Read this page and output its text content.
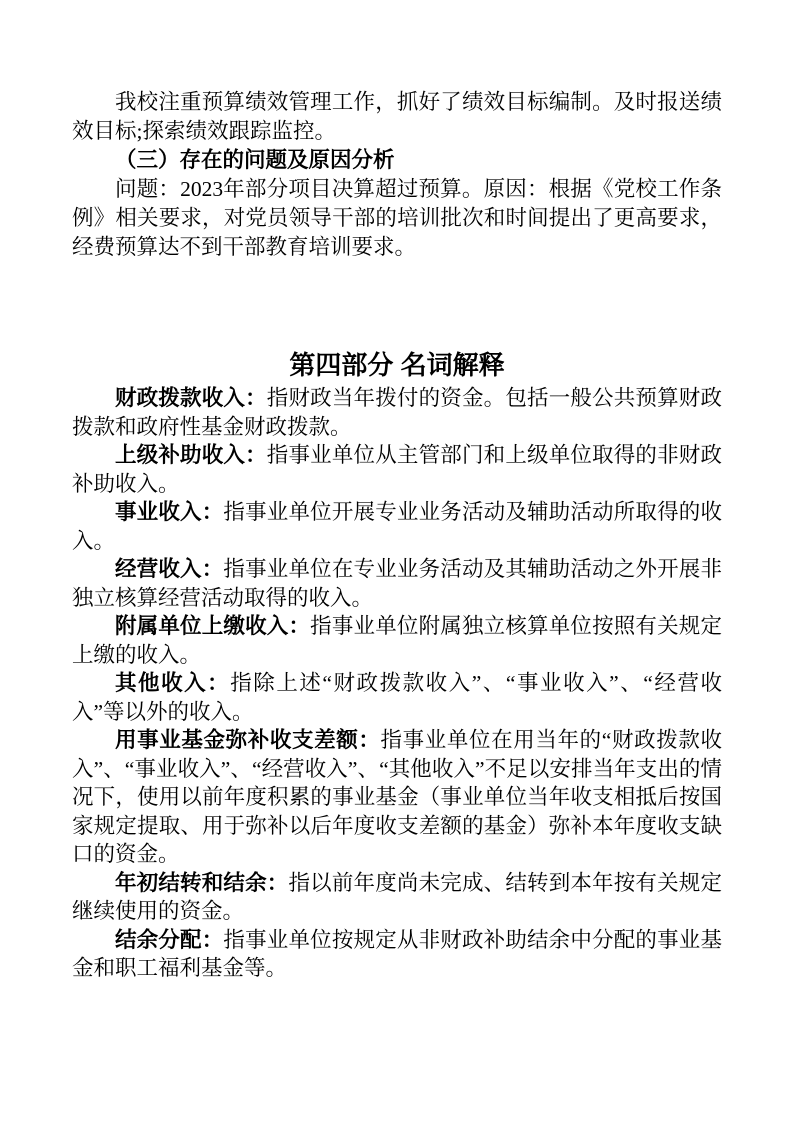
我校注重预算绩效管理工作，抓好了绩效目标编制。及时报送绩效目标;探索绩效跟踪监控。

（三）存在的问题及原因分析

问题：2023年部分项目决算超过预算。原因：根据《党校工作条例》相关要求，对党员领导干部的培训批次和时间提出了更高要求，经费预算达不到干部教育培训要求。

第四部分 名词解释

财政拨款收入：指财政当年拨付的资金。包括一般公共预算财政拨款和政府性基金财政拨款。

上级补助收入：指事业单位从主管部门和上级单位取得的非财政补助收入。

事业收入：指事业单位开展专业业务活动及辅助活动所取得的收入。

经营收入：指事业单位在专业业务活动及其辅助活动之外开展非独立核算经营活动取得的收入。

附属单位上缴收入：指事业单位附属独立核算单位按照有关规定上缴的收入。

其他收入：指除上述“财政拨款收入”、“事业收入”、“经营收入”等以外的收入。

用事业基金弥补收支差额：指事业单位在用当年的“财政拨款收入”、“事业收入”、“经营收入”、“其他收入”不足以安排当年支出的情况下，使用以前年度积累的事业基金（事业单位当年收支相抵后按国家规定提取、用于弥补以后年度收支差额的基金）弥补本年度收支缺口的资金。

年初结转和结余：指以前年度尚未完成、结转到本年按有关规定继续使用的资金。

结余分配：指事业单位按规定从非财政补助结余中分配的事业基金和职工福利基金等。
